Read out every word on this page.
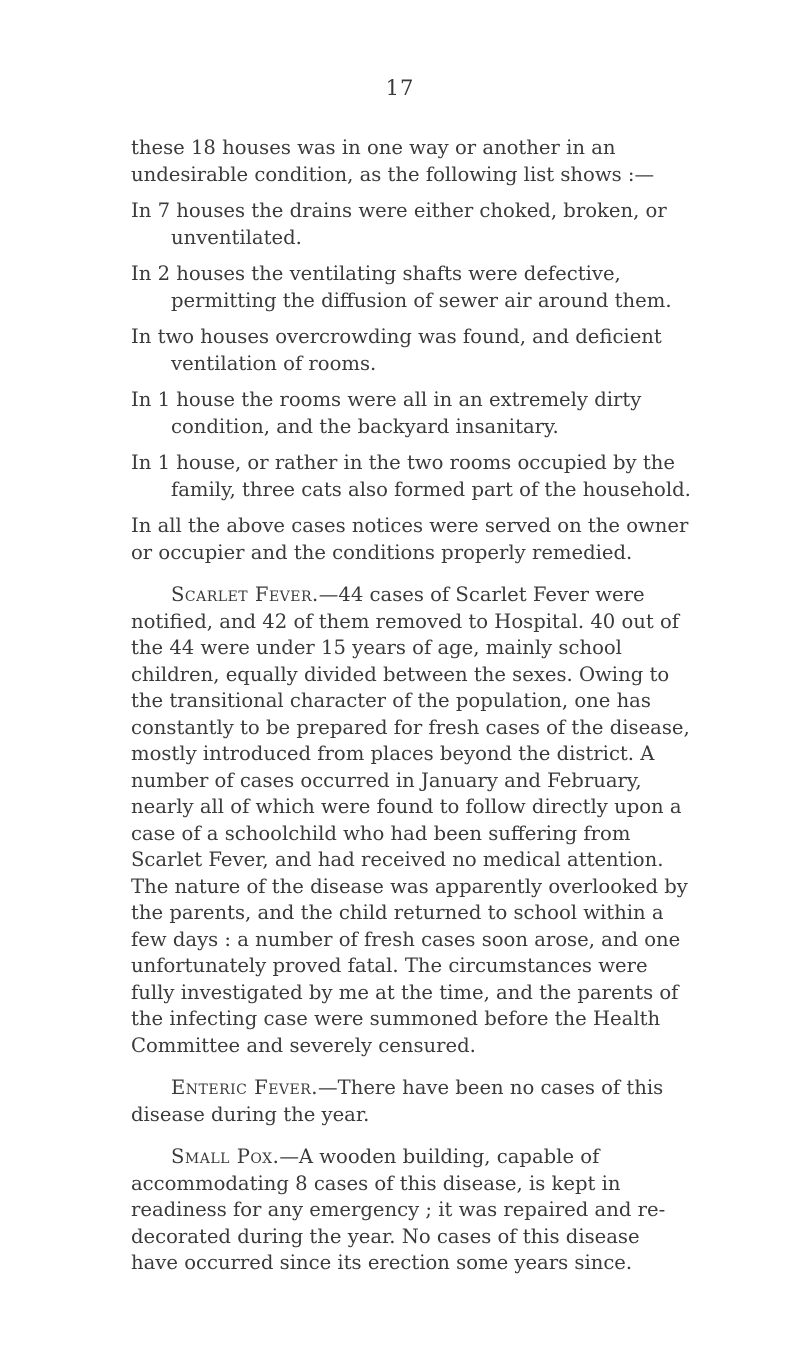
17

these 18 houses was in one way or another in an undesirable condition, as the following list shows :—

In 7 houses the drains were either choked, broken, or unventilated.

In 2 houses the ventilating shafts were defective, permitting the diffusion of sewer air around them.

In two houses overcrowding was found, and deficient ventilation of rooms.

In 1 house the rooms were all in an extremely dirty condition, and the backyard insanitary.

In 1 house, or rather in the two rooms occupied by the family, three cats also formed part of the household.

In all the above cases notices were served on the owner or occupier and the conditions properly remedied.

Scarlet Fever.—44 cases of Scarlet Fever were notified, and 42 of them removed to Hospital. 40 out of the 44 were under 15 years of age, mainly school children, equally divided between the sexes. Owing to the transitional character of the population, one has constantly to be prepared for fresh cases of the disease, mostly introduced from places beyond the district. A number of cases occurred in January and February, nearly all of which were found to follow directly upon a case of a schoolchild who had been suffering from Scarlet Fever, and had received no medical attention. The nature of the disease was apparently overlooked by the parents, and the child returned to school within a few days : a number of fresh cases soon arose, and one unfortunately proved fatal. The circumstances were fully investigated by me at the time, and the parents of the infecting case were summoned before the Health Committee and severely censured.

Enteric Fever.—There have been no cases of this disease during the year.

Small Pox.—A wooden building, capable of accommodating 8 cases of this disease, is kept in readiness for any emergency ; it was repaired and re-decorated during the year. No cases of this disease have occurred since its erection some years since.
